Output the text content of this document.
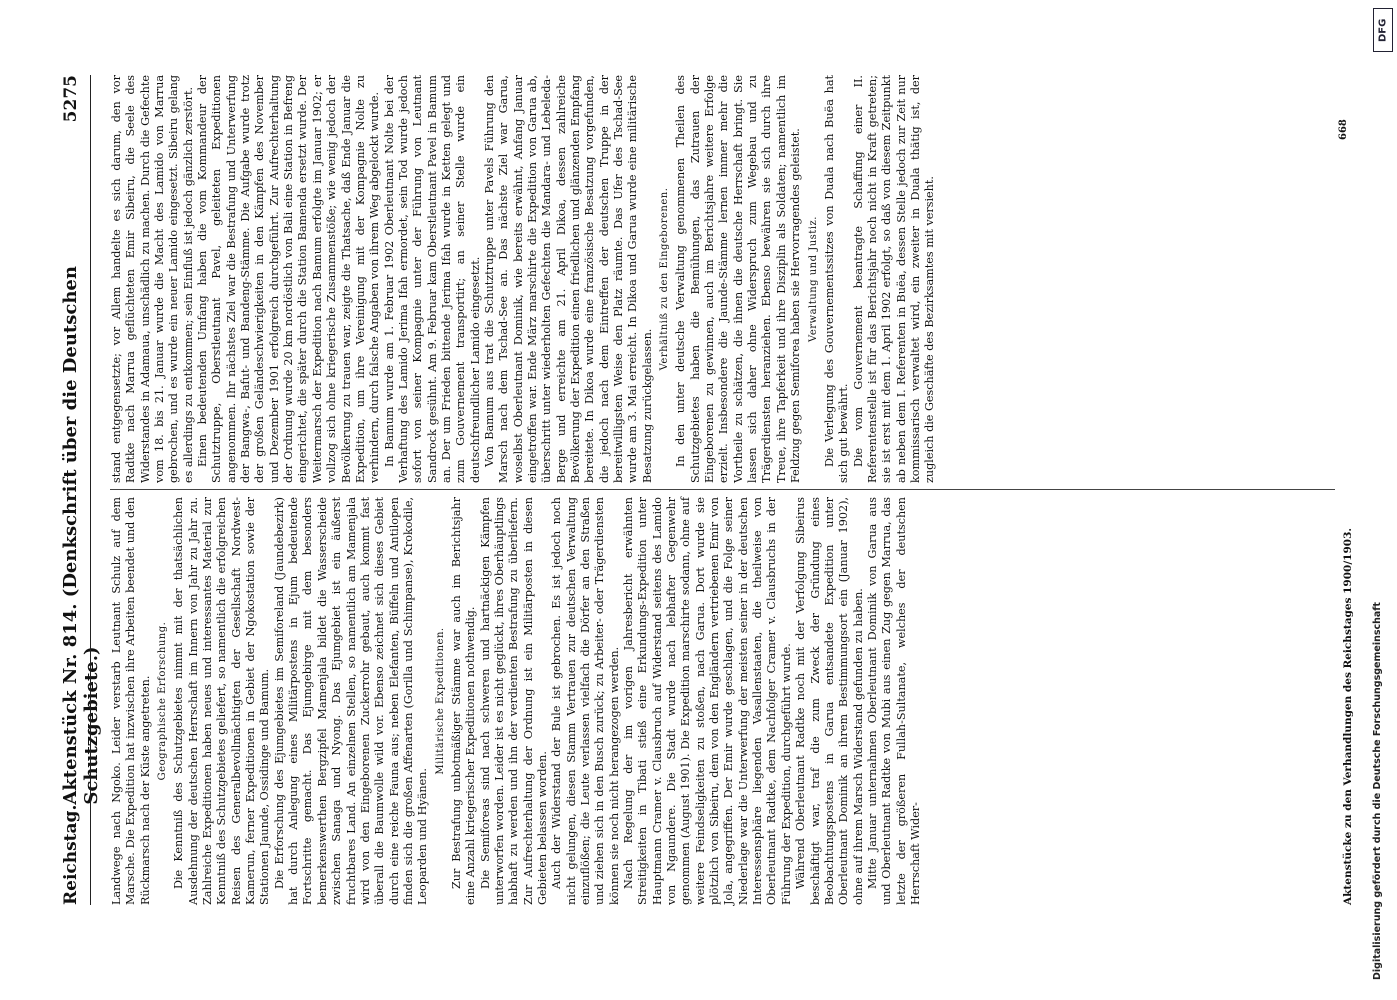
Reichstag.
Aktenstück Nr. 814. (Denkschrift über die Deutschen Schutzgebiete.)
5275

Landwege nach Ngoko. Leider verstarb Leutnant Schulz auf dem Marsche. Die Expedition hat inzwischen ihre Arbeiten beendet und den Rückmarsch nach der Küste angetreten. Geographische Erforschung. Die Kenntniß des Schutzgebietes nimmt mit der thatsächlichen Ausdehnung der deutschen Herrschaft im Innern von Jahr zu Jahr zu. Zahlreiche Expeditionen haben neues und interessantes Material zur Kenntniß des Schutzgebietes geliefert, so namentlich die erfolgreichen Reisen des Generalbevollmächtigten der Gesellschaft Nordwest-Kamerun, ferner Expeditionen in Gebiet der Ngokostation sowie der Stationen Jaunde, Ossidinge und Bamum. Die Erforschung des Ejumgebietes im Semiforeland (Jaundebezirk) hat durch Anlegung eines Militärpostens in Ejum bedeutende Fortschritte gemacht. Das Ejumgebirge mit dem besonders bemerkenswerthen Bergzipfel Mamenjala bildet die Wasserscheide zwischen Sanaga und Nyong. Das Ejumgebiet ist ein äußerst fruchtbares Land. An einzelnen Stellen, so namentlich am Mamenjala wird von den Eingeborenen Zuckerrohr gebaut, auch kommt fast überall die Baumwolle wild vor. Ebenso zeichnet sich dieses Gebiet durch eine reiche Fauna aus; neben Elefanten, Büffeln und Antilopen finden sich die großen Affenarten (Gorilla und Schimpanse), Krokodile, Leoparden und Hyänen.

Militärische Expeditionen. Zur Bestrafung unbotmäßiger Stämme war auch im Berichtsjahr eine Anzahl kriegerischer Expeditionen nothwendig. Die Semiforeas sind nach schweren und hartnäckigen Kämpfen unterworfen worden. Leider ist es nicht geglückt, ihres Oberhäuptlings habhaft zu werden und ihn der verdienten Bestrafung zu überliefern. Zur Aufrechterhaltung der Ordnung ist ein Militärposten in diesen Gebieten belassen worden. Auch der Widerstand der Bule ist gebrochen. Es ist jedoch noch nicht gelungen, diesen Stamm Vertrauen zur deutschen Verwaltung einzuflößen; die Leute verlassen vielfach die Dörfer an den Straßen und ziehen sich in den Busch zurück; zu Arbeiter- oder Trägerdiensten können sie noch nicht herangezogen werden. Nach Regelung der im vorigen Jahresbericht erwähnten Streitigkeiten in Tibati stieß eine Erkundungs-Expedition unter Hauptmann Cramer v. Clausbruch auf Widerstand seitens des Lamido von Ngaundere. Die Stadt wurde nach lebhafter Gegenwehr genommen (August 1901). Die Expedition marschirte sodann, ohne auf weitere Feindseligkeiten zu stoßen, nach Garua. Dort wurde sie plötzlich von Sibeiru, dem von den Engländern vertriebenen Emir von Jola, angegriffen. Der Emir wurde geschlagen, und die Folge seiner Niederlage war die Unterwerfung der meisten seiner in der deutschen Interessensphäre liegenden Vasallenstaaten, die theilweise von Oberleutnant Radtke, dem Nachfolger Cramer v. Clausbruchs in der Führung der Expedition, durchgeführt wurde. Während Oberleutnant Radtke noch mit der Verfolgung Sibeirus beschäftigt war, traf die zum Zweck der Gründung eines Beobachtungspostens in Garua entsandete Expedition unter Oberleutnant Dominik an ihrem Bestimmungsort ein (Januar 1902), ohne auf ihrem Marsch Widerstand gefunden zu haben. Mitte Januar unternahmen Oberleutnant Dominik von Garua aus und Oberleutnant Radtke von Mubi aus einen Zug gegen Marrua, das letzte der größeren Fullah-Sultanate, welches der deutschen Herrschaft Wider-

stand entgegensetzte; vor Allem handelte es sich darum, den vor Radtke nach Marrua geflüchteten Emir Sibeiru, die Seele des Widerstandes in Adamaua, unschädlich zu machen. Durch die Gefechte vom 18. bis 21. Januar wurde die Macht des Lamido von Marrua gebrochen, und es wurde ein neuer Lamido eingesetzt. Sibeiru gelang es allerdings zu entkommen; sein Einfluß ist jedoch gänzlich zerstört. Einen bedeutenden Umfang haben die vom Kommandeur der Schutztruppe, Oberstleutnant Pavel, geleiteten Expeditionen angenommen. Ihr nächstes Ziel war die Bestrafung und Unterwerfung der Bangwa-, Bafut- und Bandeng-Stämme. Die Aufgabe wurde trotz der großen Geländeschwierigkeiten in den Kämpfen des November und Dezember 1901 erfolgreich durchgeführt. Zur Aufrechterhaltung der Ordnung wurde 20 km nordöstlich von Bali eine Station in Befreng eingerichtet, die später durch die Station Bamenda ersetzt wurde. Der Weitermarsch der Expedition nach Bamum erfolgte im Januar 1902; er vollzog sich ohne kriegerische Zusammenstöße; wie wenig jedoch der Bevölkerung zu trauen war, zeigte die Thatsache, daß Ende Januar die Expedition, um ihre Vereinigung mit der Kompagnie Nolte zu verhindern, durch falsche Angaben von ihrem Weg abgelockt wurde. In Bamum wurde am 1. Februar 1902 Oberleutnant Nolte bei der Verhaftung des Lamido Jerima Ifah ermordet, sein Tod wurde jedoch sofort von seiner Kompagnie unter der Führung von Leutnant Sandrock gesühnt. Am 9. Februar kam Oberstleutnant Pavel in Bamum an. Der um Frieden bittende Jerima Ifah wurde in Ketten gelegt und zum Gouvernement transportirt; an seiner Stelle wurde ein deutschfreundlicher Lamido eingesetzt. Von Bamum aus trat die Schutztruppe unter Pavels Führung den Marsch nach dem Tschad-See an. Das nächste Ziel war Garua, woselbst Oberleutnant Dominik, wie bereits erwähnt, Anfang Januar eingetroffen war. Ende März marschirte die Expedition von Garua ab, überschritt unter wiederholten Gefechten die Mandara- und Lebeleda-Berge und erreichte am 21. April Dikoa, dessen zahlreiche Bevölkerung der Expedition einen friedlichen und glänzenden Empfang bereitete. In Dikoa wurde eine französische Besatzung vorgefunden, die jedoch nach dem Eintreffen der deutschen Truppe in der bereitwilligsten Weise den Platz räumte. Das Ufer des Tschad-See wurde am 3. Mai erreicht. In Dikoa und Garua wurde eine militärische Besatzung zurückgelassen.

Verhältniß zu den Eingeborenen. In den unter deutsche Verwaltung genommenen Theilen des Schutzgebietes haben die Bemühungen, das Zutrauen der Eingeborenen zu gewinnen, auch im Berichtsjahre weitere Erfolge erzielt. Insbesondere die Jaunde-Stämme lernen immer mehr die Vortheile zu schätzen, die ihnen die deutsche Herrschaft bringt. Sie lassen sich daher ohne Widerspruch zum Wegebau und zu Trägerdiensten heranziehen. Ebenso bewähren sie sich durch ihre Treue, ihre Tapferkeit und ihre Disziplin als Soldaten; namentlich im Feldzug gegen Semiforea haben sie Hervorragendes geleistet. Verwaltung und Justiz. Die Verlegung des Gouvernementssitzes von Duala nach Buëa hat sich gut bewährt. Die vom Gouvernement beantragte Schaffung einer II. Referentenstelle ist für das Berichtsjahr noch nicht in Kraft getreten; sie ist erst mit dem 1. April 1902 erfolgt, so daß von diesem Zeitpunkt ab neben dem I. Referenten in Buëa, dessen Stelle jedoch zur Zeit nur kommissarisch verwaltet wird, ein zweiter in Duala thätig ist, der zugleich die Geschäfte des Bezirksamtes mit versieht.

Aktenstücke zu den Verhandlungen des Reichstages 1900/1903.
668
DFG
Digitalisierung gefördert durch die Deutsche Forschungsgemeinschaft
